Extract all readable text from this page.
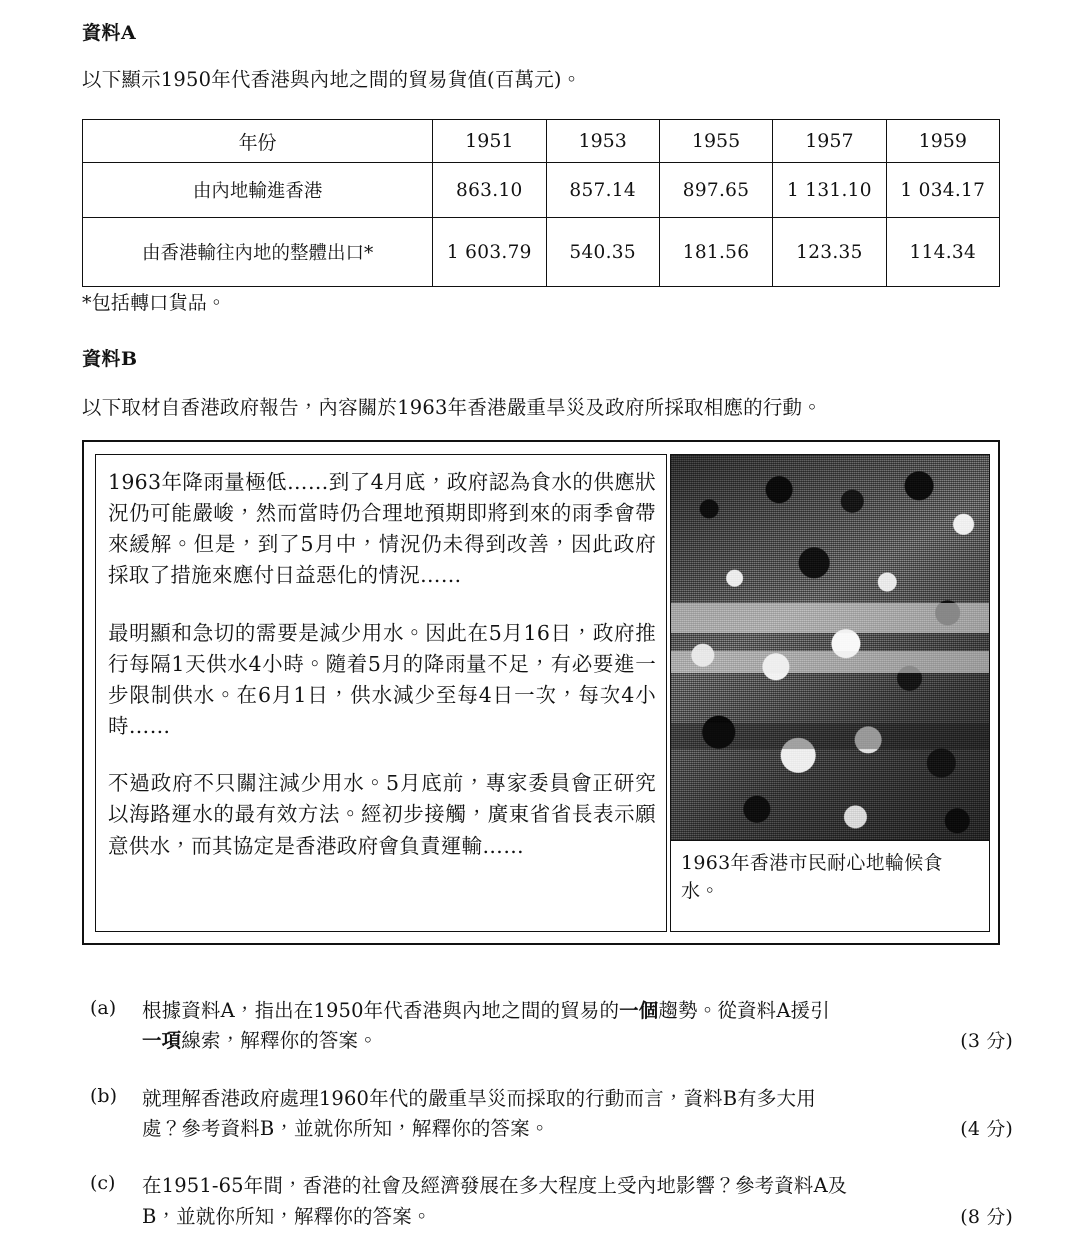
資料A
以下顯示1950年代香港與內地之間的貿易貨值(百萬元)。
年份	1951	1953	1955	1957	1959
由內地輸進香港	863.10	857.14	897.65	1 131.10	1 034.17
由香港輸往內地的整體出口*	1 603.79	540.35	181.56	123.35	114.34
*包括轉口貨品。
資料B
以下取材自香港政府報告，內容關於1963年香港嚴重旱災及政府所採取相應的行動。

1963年降雨量極低……到了4月底，政府認為食水的供應狀況仍可能嚴峻，然而當時仍合理地預期即將到來的雨季會帶來緩解。但是，到了5月中，情況仍未得到改善，因此政府採取了措施來應付日益惡化的情況……

最明顯和急切的需要是減少用水。因此在5月16日，政府推行每隔1天供水4小時。隨着5月的降雨量不足，有必要進一步限制供水。在6月1日，供水減少至每4日一次，每次4小時……

不過政府不只關注減少用水。5月底前，專家委員會正研究以海路運水的最有效方法。經初步接觸，廣東省省長表示願意供水，而其協定是香港政府會負責運輸……

1963年香港市民耐心地輪候食水。
(a) 根據資料A，指出在1950年代香港與內地之間的貿易的一個趨勢。從資料A援引
一項線索，解釋你的答案。	(3 分)
(b) 就理解香港政府處理1960年代的嚴重旱災而採取的行動而言，資料B有多大用
處？參考資料B，並就你所知，解釋你的答案。	(4 分)
(c) 在1951-65年間，香港的社會及經濟發展在多大程度上受內地影響？參考資料A及
B，並就你所知，解釋你的答案。	(8 分)
